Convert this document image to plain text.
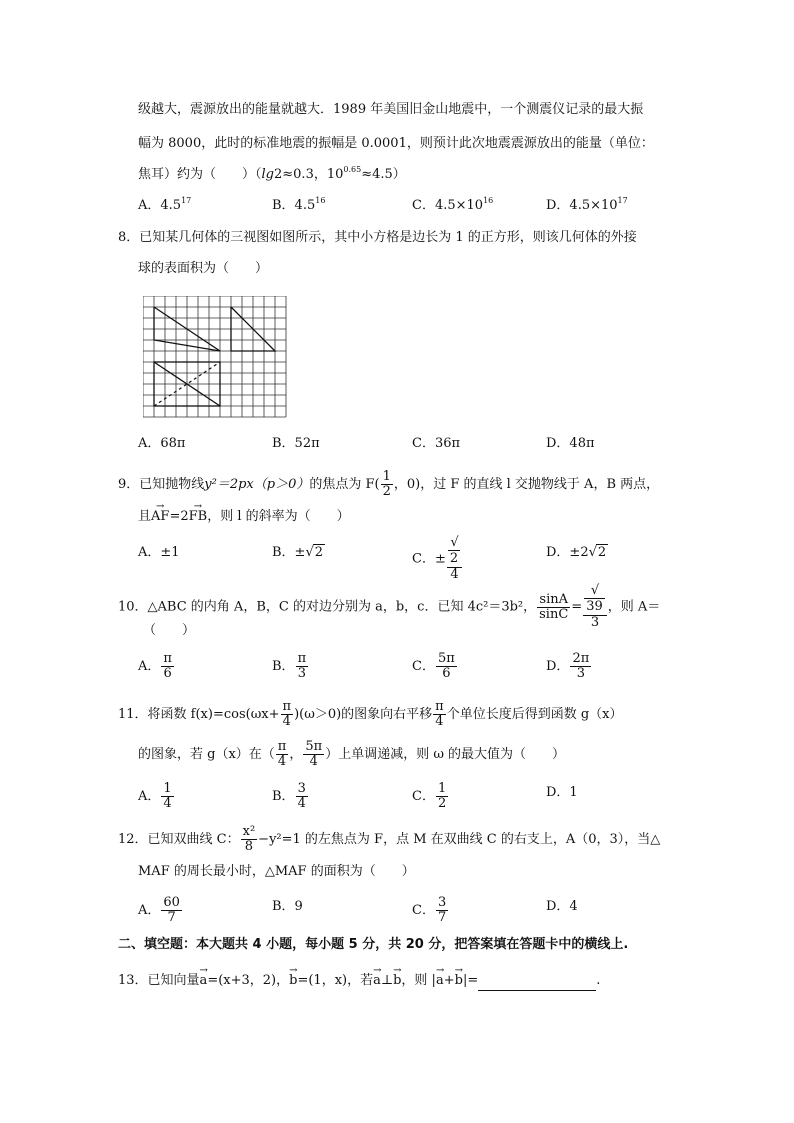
级越大，震源放出的能量就越大．1989 年美国旧金山地震中，一个测震仪记录的最大振
幅为 8000，此时的标准地震的振幅是 0.0001，则预计此次地震震源放出的能量（单位：
焦耳）约为（　　）（lg2≈0.3，$10^{0.65}\approx 4.5$）
A．$4.5^{17}$	B．$4.5^{16}$	C．$4.5\times 10^{16}$	D．$4.5\times 10^{17}$
8．已知某几何体的三视图如图所示，其中小方格是边长为 1 的正方形，则该几何体的外接
球的表面积为（　　）
A．68π	B．52π	C．36π	D．48π
9．已知抛物线y²＝2px（p＞0）的焦点为 $F( \frac{1}{2}$ ，0)，过 F 的直线 l 交抛物线于 A，B 两点，
且→ AF=2→ FB，则 l 的斜率为（　　）
A．±1	B．±√2	C．± √
2
4	D．±2√2
10．△ABC 的内角 A，B，C 的对边分别为 a，b，c．已知 4c²＝3b²， $\frac{\sin A}{\sin C}$ = √
39
3 ，则 A＝
（　　）
A． $\frac{\pi}{6}$	B． $\frac{\pi}{3}$	C． $\frac{5\pi}{6}$	D． $\frac{2\pi}{3}$
11．将函数 $f(x)=\cos(\omega x+ \frac{\pi}{4} )(\omega>0)$的图象向右平移 $\frac{\pi}{4}$ 个单位长度后得到函数 g（x）
的图象，若 g（x）在（ $\frac{\pi}{4}$ ， $\frac{5\pi}{4}$ ）上单调递减，则 ω 的最大值为（　　）
A． $\frac{1}{4}$	B． $\frac{3}{4}$	C． $\frac{1}{2}$	D．1
12．已知双曲线 C： $\frac{\text{x²}}{8} -y^2=1$ 的左焦点为 F，点 M 在双曲线 C 的右支上，A（0，3），当△
MAF 的周长最小时，△MAF 的面积为（　　）
A． $\frac{60}{7}$	B．9	C． $\frac{3}{7}$	D．4
二、填空题：本大题共 4 小题，每小题 5 分，共 20 分，把答案填在答题卡中的横线上.
13．已知向量→ a=(x+3，2)，→ b=(1，x)，若→ a⊥→ b，则 |→ a+→ b|=	.
